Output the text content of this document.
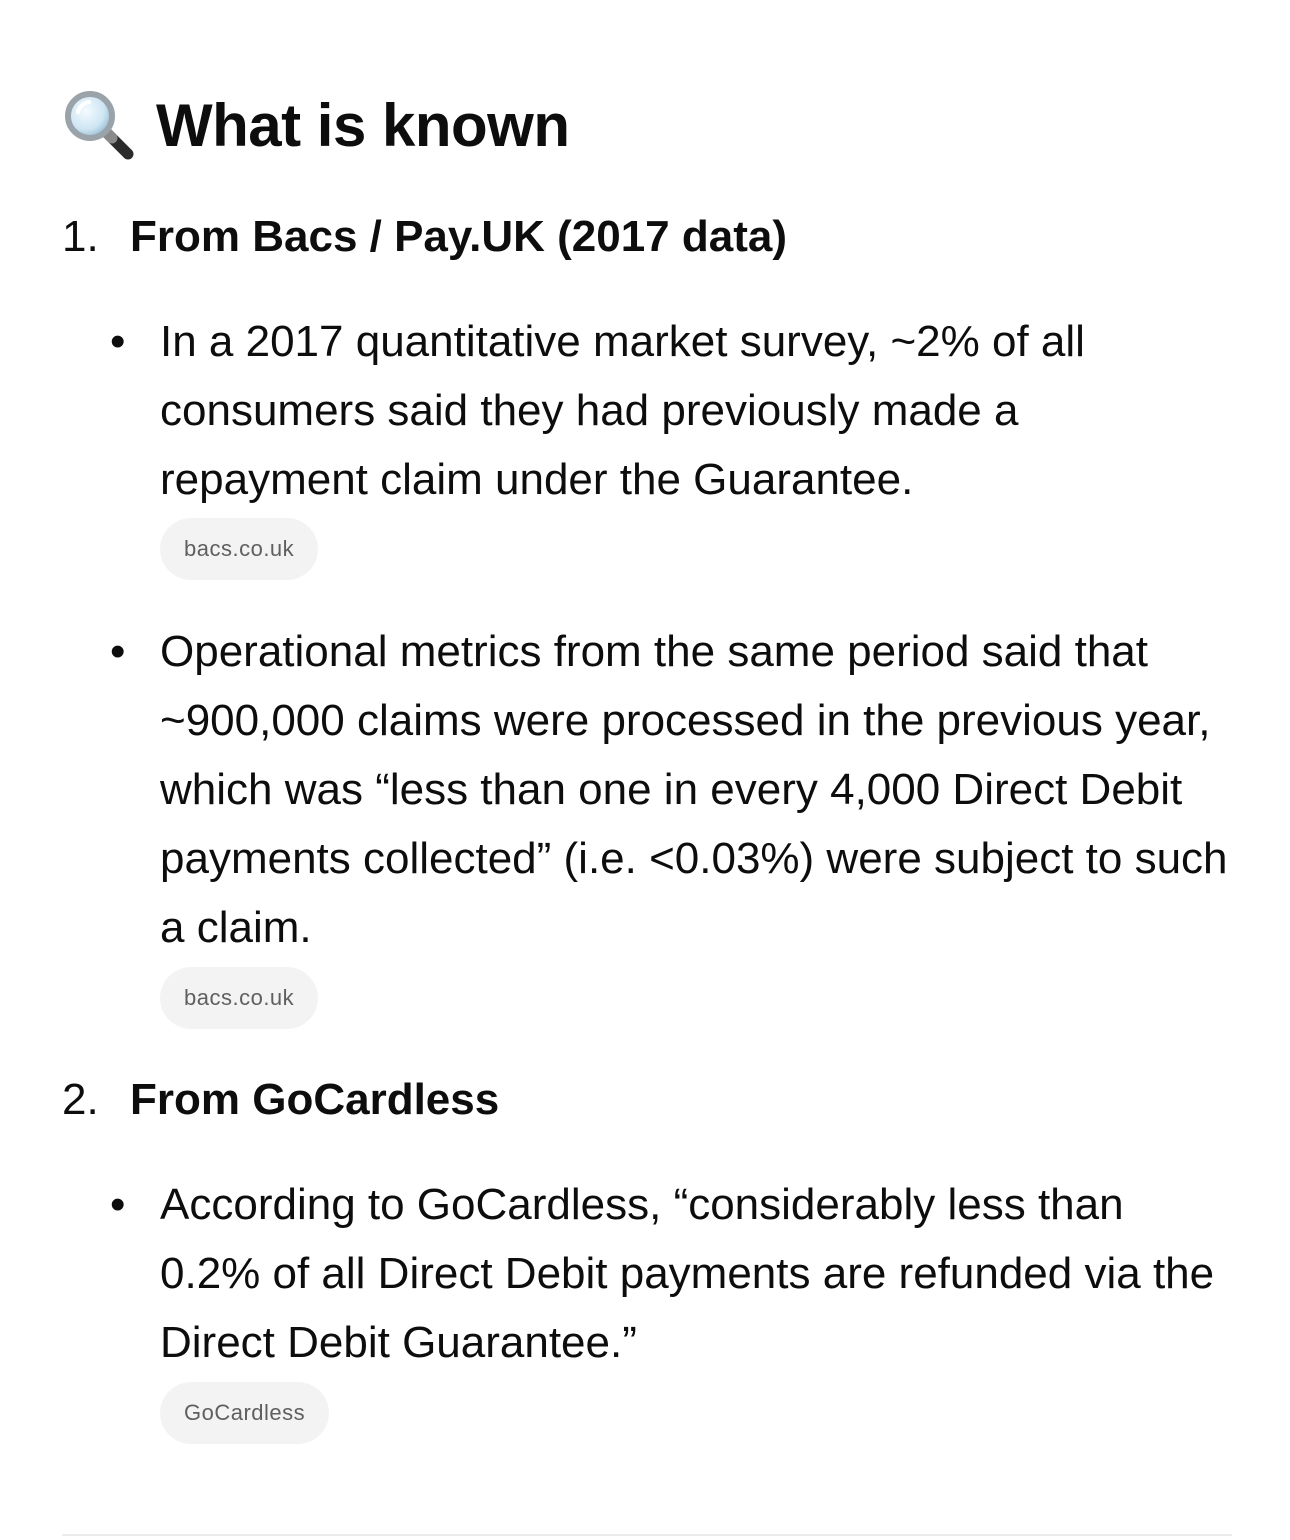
What is known
1. From Bacs / Pay.UK (2017 data)
• In a 2017 quantitative market survey, ~2% of all consumers said they had previously made a repayment claim under the Guarantee.
bacs.co.uk
• Operational metrics from the same period said that ~900,000 claims were processed in the previous year, which was “less than one in every 4,000 Direct Debit payments collected” (i.e. <0.03%) were subject to such a claim.
bacs.co.uk
2. From GoCardless
• According to GoCardless, “considerably less than 0.2% of all Direct Debit payments are refunded via the Direct Debit Guarantee.”
GoCardless
